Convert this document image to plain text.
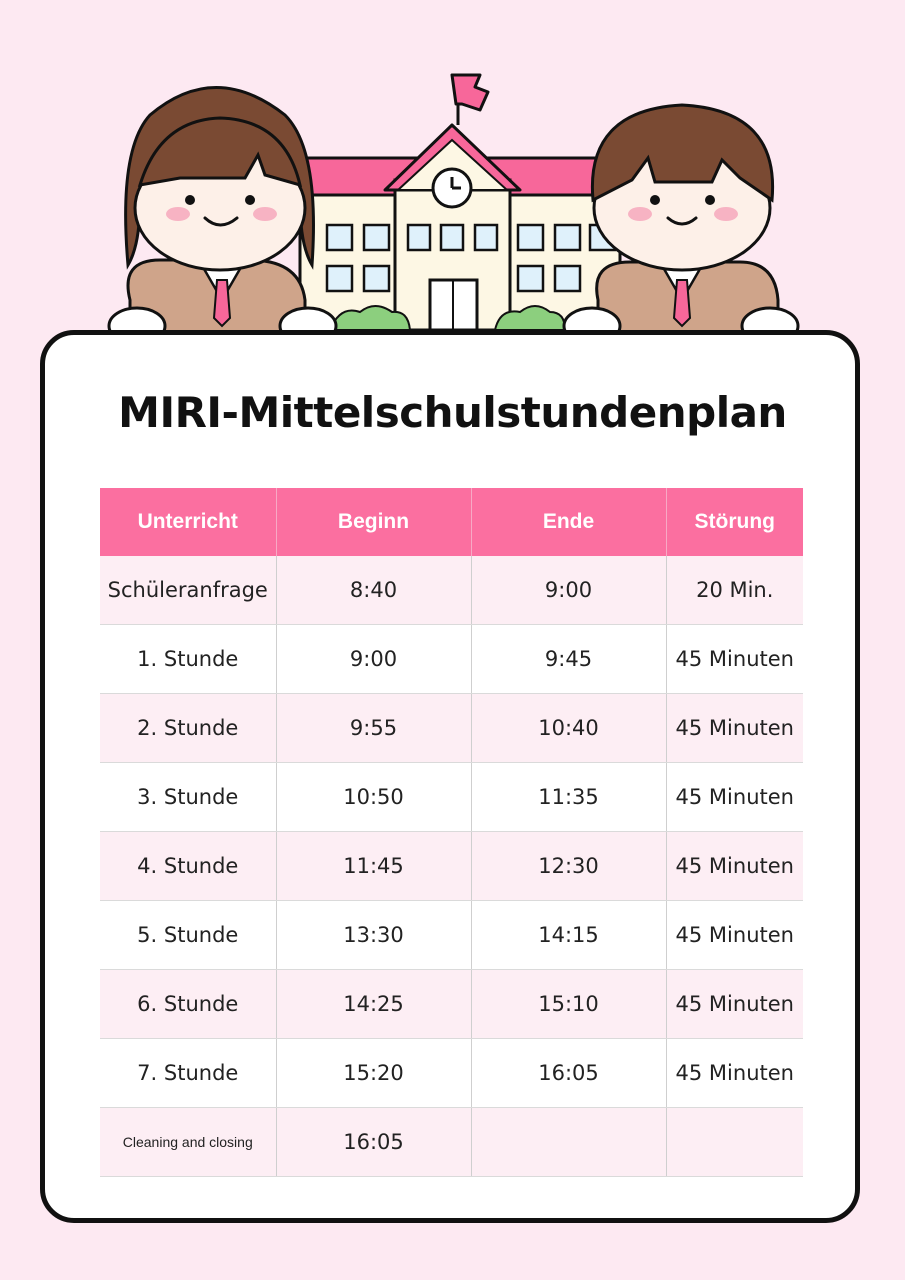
MIRI-Mittelschulstundenplan
Unterricht	Beginn	Ende	Störung
Schüleranfrage	8:40	9:00	20 Min.
1. Stunde	9:00	9:45	45 Minuten
2. Stunde	9:55	10:40	45 Minuten
3. Stunde	10:50	11:35	45 Minuten
4. Stunde	11:45	12:30	45 Minuten
5. Stunde	13:30	14:15	45 Minuten
6. Stunde	14:25	15:10	45 Minuten
7. Stunde	15:20	16:05	45 Minuten
Cleaning and closing	16:05		
